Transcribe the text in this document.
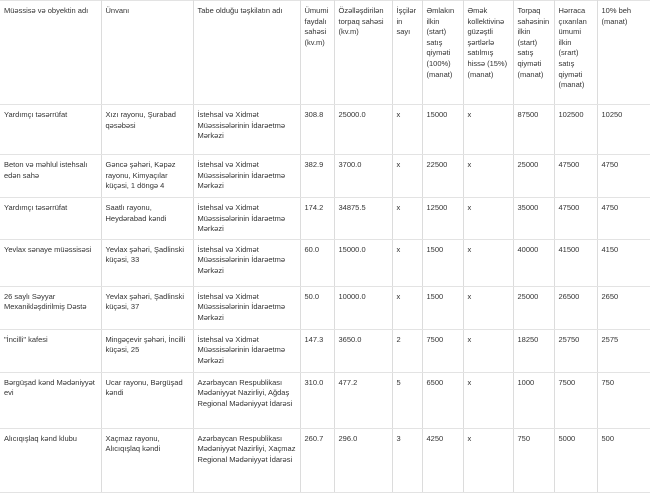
Müəssisə və obyektin adı	Ünvanı	Tabe olduğu təşkilatın adı	Ümumi faydalı sahəsi (kv.m)	Özəlləşdirilən torpaq sahəsi (kv.m)	İşçilərin sayı	Əmlakın ilkin (start) satış qiyməti (100%) (manat)	Əmək kollektivinə güzəştli şərtlərlə satılmış hissə (15%) (manat)	Torpaq sahəsinin ilkin (start) satış qiyməti (manat)	Hərraca çıxarılan ümumi ilkin (srart) satış qiyməti (manat)	10% beh (manat)
Yardımçı təsərrüfat	Xızı rayonu, Şurabad qəsəbəsi	İstehsal və Xidmət Müəssisələrinin İdarəetmə Mərkəzi	308.8	25000.0	x	15000	x	87500	102500	10250
Beton və məhlul istehsalı edən sahə	Gəncə şəhəri, Kəpəz rayonu, Kimyaçılar küçəsi, 1 döngə 4	İstehsal və Xidmət Müəssisələrinin İdarəetmə Mərkəzi	382.9	3700.0	x	22500	x	25000	47500	4750
Yardımçı təsərrüfat	Saatlı rayonu, Heydərabad kəndi	İstehsal və Xidmət Müəssisələrinin İdarəetmə Mərkəzi	174.2	34875.5	x	12500	x	35000	47500	4750
Yevlax sənaye müəssisəsi	Yevlax şəhəri, Şadlinski küçəsi, 33	İstehsal və Xidmət Müəssisələrinin İdarəetmə Mərkəzi	60.0	15000.0	x	1500	x	40000	41500	4150
26 saylı Səyyar Mexanikləşdirilmiş Dəstə	Yevlax şəhəri, Şadlinski küçəsi, 37	İstehsal və Xidmət Müəssisələrinin İdarəetmə Mərkəzi	50.0	10000.0	x	1500	x	25000	26500	2650
"İncilli" kafesi	Mingəçevir şəhəri, İncilli küçəsi, 25	İstehsal və Xidmət Müəssisələrinin İdarəetmə Mərkəzi	147.3	3650.0	2	7500	x	18250	25750	2575
Bərgüşad kənd Mədəniyyət evi	Ucar rayonu, Bərgüşad kəndi	Azərbaycan Respublikası Mədəniyyət Nazirliyi, Ağdaş Regional Mədəniyyət İdarəsi	310.0	477.2	5	6500	x	1000	7500	750
Alıcıqışlaq kənd klubu	Xaçmaz rayonu, Alıcıqışlaq kəndi	Azərbaycan Respublikası Mədəniyyət Nazirliyi, Xaçmaz Regional Mədəniyyət İdarəsi	260.7	296.0	3	4250	x	750	5000	500
